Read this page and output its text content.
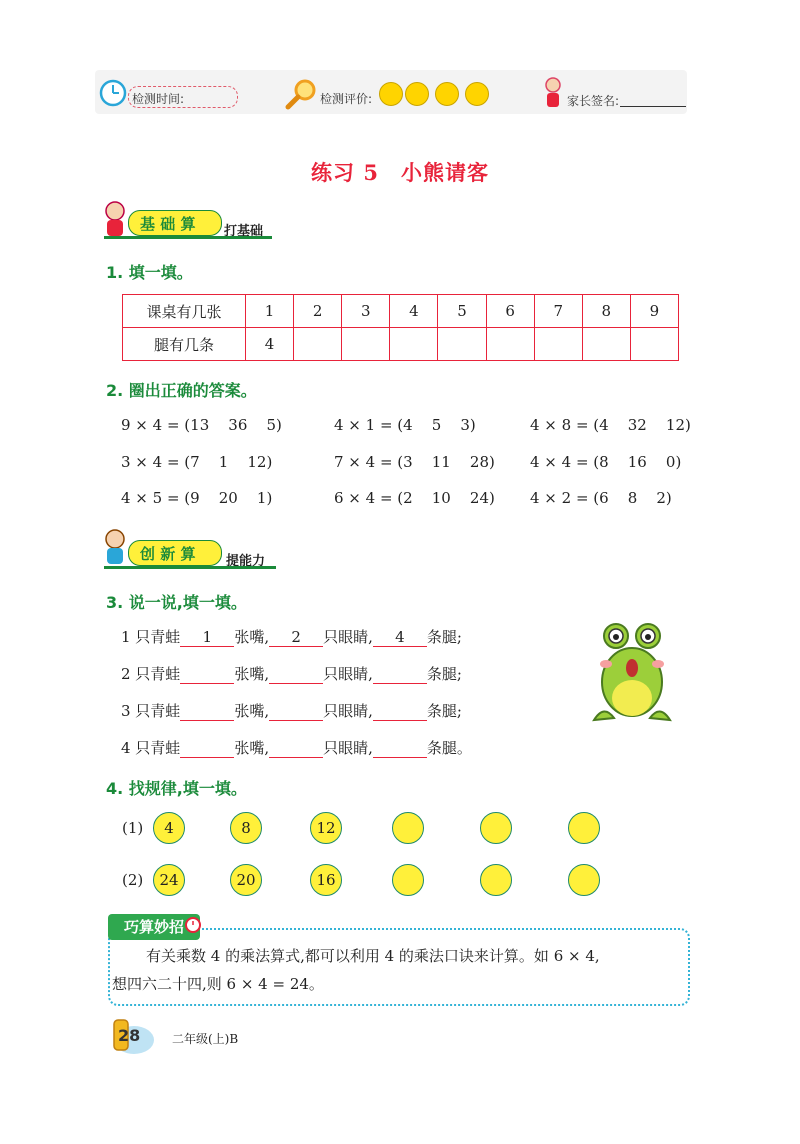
检测时间:	检测评价:	家长签名:
练习 5　小熊请客
基 础 算 打基础
1. 填一填。
课桌有几张	1	2	3	4	5	6	7	8	9
腿有几条	4								
2. 圈出正确的答案。
9 × 4 = (13    36    5)	4 × 1 = (4    5    3)	4 × 8 = (4    32    12)
3 × 4 = (7    1    12)	7 × 4 = (3    11    28) 4 × 4 = (8    16    0)
4 × 5 = (9    20    1)	6 × 4 = (2    10    24) 4 × 2 = (6    8    2)
创 新 算 提能力
3. 说一说,填一填。
1 只青蛙 1 张嘴, 2 只眼睛, 4 条腿;
2 只青蛙	张嘴,	只眼睛,	条腿;
3 只青蛙	张嘴,	只眼睛,	条腿;
4 只青蛙	张嘴,	只眼睛,	条腿。
4. 找规律,填一填。
(1)	4	8	12
(2)	24	20	16
巧算妙招
有关乘数 4 的乘法算式,都可以利用 4 的乘法口诀来计算。如 6 × 4,
想四六二十四,则 6 × 4 = 24。
28	二年级(上)B
